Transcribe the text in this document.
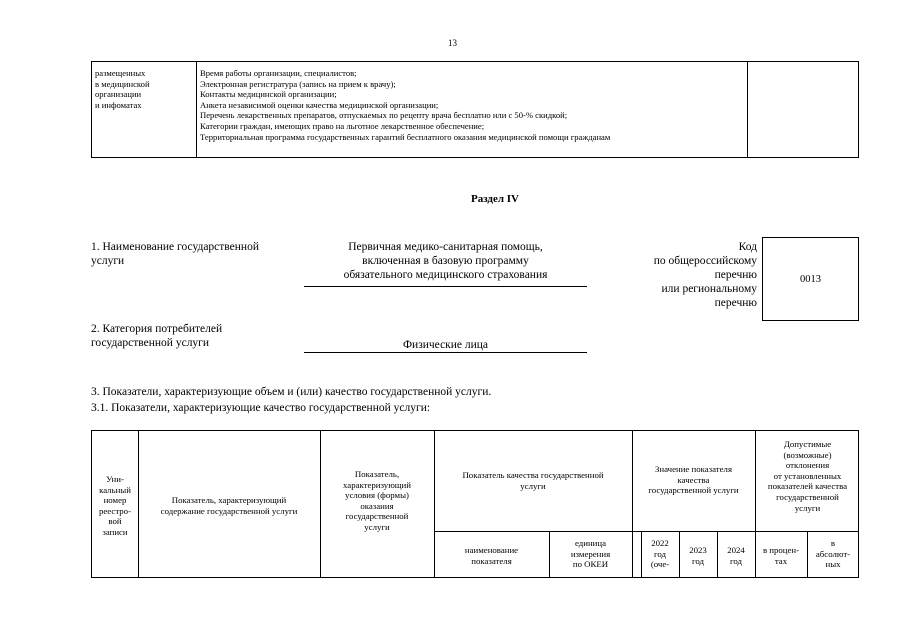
13
размещенных
в медицинской
организации
и инфоматах
Время работы организации, специалистов;
Электронная регистратура (запись на прием к врачу);
Контакты медицинской организации;
Анкета независимой оценки качества медицинской организации;
Перечень лекарственных препаратов, отпускаемых по рецепту врача бесплатно или с 50-% скидкой;
Категории граждан, имеющих право на льготное лекарственное обеспечение;
Территориальная программа государственных гарантий бесплатного оказания медицинской помощи гражданам
Раздел IV
1. Наименование государственной
услуги
Первичная медико-санитарная помощь,
включенная в базовую программу
обязательного медицинского страхования
Код
по общероссийскому
перечню
или региональному
перечню
0013
2. Категория потребителей
государственной услуги	Физические лица
3. Показатели, характеризующие объем и (или) качество государственной услуги.
3.1. Показатели, характеризующие качество государственной услуги:
Уни-
кальный
номер
реестро-
вой
записи
Показатель, характеризующий
содержание государственной услуги
Показатель,
характеризующий
условия (формы)
оказания
государственной
услуги
Показатель качества государственной
услуги
Значение показателя
качества
государственной услуги
Допустимые
(возможные)
отклонения
от установленных
показателей качества
государственной
услуги
наименование
показателя
единица
измерения
по ОКЕИ
2022
год
(оче-
2023
год
2024
год
в процен-
тах
в
абсолют-
ных
